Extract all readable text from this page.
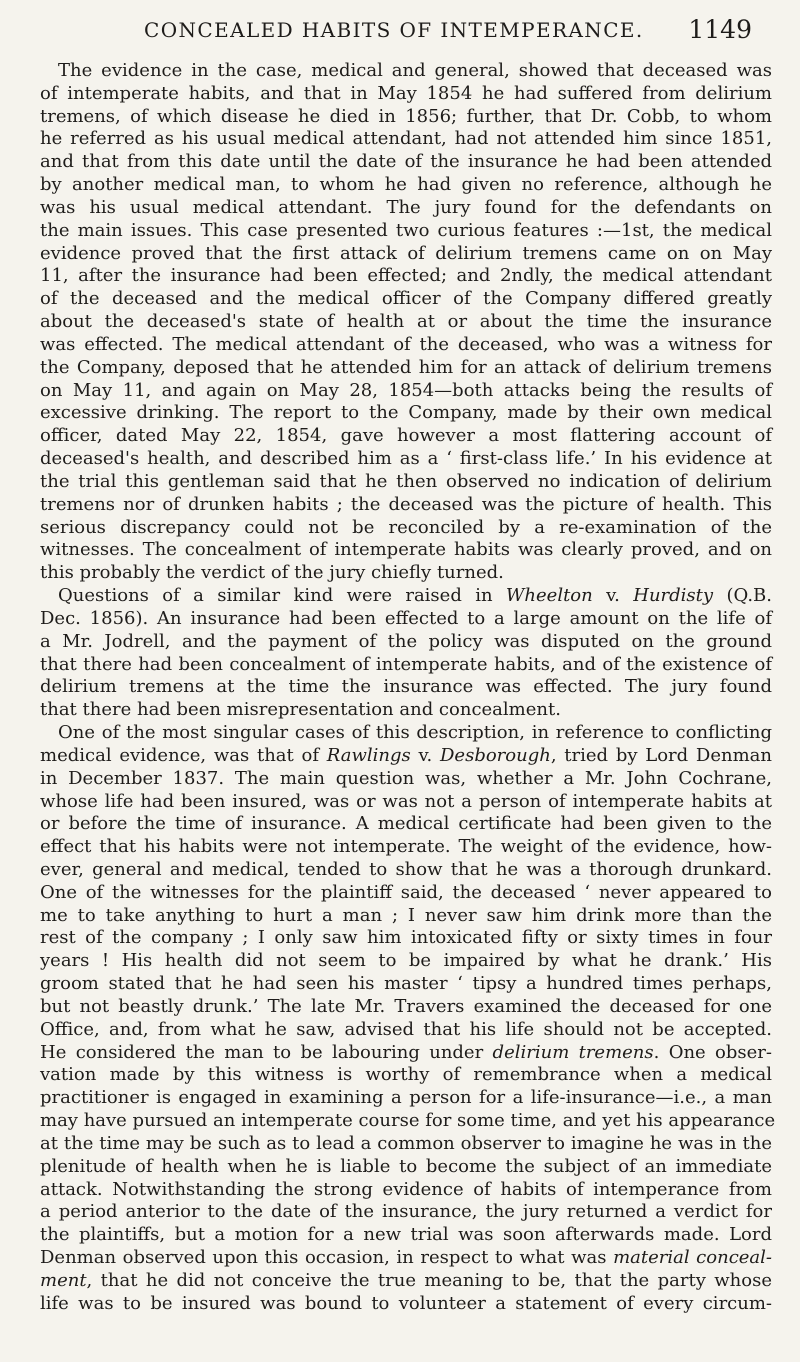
CONCEALED HABITS OF INTEMPERANCE. 1149
 The evidence in the case, medical and general, showed that deceased was
of intemperate habits, and that in May 1854 he had suffered from delirium
tremens, of which disease he died in 1856; further, that Dr. Cobb, to whom
he referred as his usual medical attendant, had not attended him since 1851,
and that from this date until the date of the insurance he had been attended
by another medical man, to whom he had given no reference, although he
was his usual medical attendant. The jury found for the defendants on
the main issues. This case presented two curious features :—1st, the medical
evidence proved that the first attack of delirium tremens came on on May
11, after the insurance had been effected; and 2ndly, the medical attendant
of the deceased and the medical officer of the Company differed greatly
about the deceased's state of health at or about the time the insurance
was effected. The medical attendant of the deceased, who was a witness for
the Company, deposed that he attended him for an attack of delirium tremens
on May 11, and again on May 28, 1854—both attacks being the results of
excessive drinking. The report to the Company, made by their own medical
officer, dated May 22, 1854, gave however a most flattering account of
deceased's health, and described him as a ‘ first-class life.’ In his evidence at
the trial this gentleman said that he then observed no indication of delirium
tremens nor of drunken habits ; the deceased was the picture of health. This
serious discrepancy could not be reconciled by a re-examination of the
witnesses. The concealment of intemperate habits was clearly proved, and on
this probably the verdict of the jury chiefly turned.
 Questions of a similar kind were raised in Wheelton v. Hurdisty (Q.B.
Dec. 1856). An insurance had been effected to a large amount on the life of
a Mr. Jodrell, and the payment of the policy was disputed on the ground
that there had been concealment of intemperate habits, and of the existence of
delirium tremens at the time the insurance was effected. The jury found
that there had been misrepresentation and concealment.
 One of the most singular cases of this description, in reference to conflicting
medical evidence, was that of Rawlings v. Desborough, tried by Lord Denman
in December 1837. The main question was, whether a Mr. John Cochrane,
whose life had been insured, was or was not a person of intemperate habits at
or before the time of insurance. A medical certificate had been given to the
effect that his habits were not intemperate. The weight of the evidence, how-
ever, general and medical, tended to show that he was a thorough drunkard.
One of the witnesses for the plaintiff said, the deceased ‘ never appeared to
me to take anything to hurt a man ; I never saw him drink more than the
rest of the company ; I only saw him intoxicated fifty or sixty times in four
years ! His health did not seem to be impaired by what he drank.’ His
groom stated that he had seen his master ‘ tipsy a hundred times perhaps,
but not beastly drunk.’ The late Mr. Travers examined the deceased for one
Office, and, from what he saw, advised that his life should not be accepted.
He considered the man to be labouring under delirium tremens. One obser-
vation made by this witness is worthy of remembrance when a medical
practitioner is engaged in examining a person for a life-insurance—i.e., a man
may have pursued an intemperate course for some time, and yet his appearance
at the time may be such as to lead a common observer to imagine he was in the
plenitude of health when he is liable to become the subject of an immediate
attack. Notwithstanding the strong evidence of habits of intemperance from
a period anterior to the date of the insurance, the jury returned a verdict for
the plaintiffs, but a motion for a new trial was soon afterwards made. Lord
Denman observed upon this occasion, in respect to what was material conceal-
ment, that he did not conceive the true meaning to be, that the party whose
life was to be insured was bound to volunteer a statement of every circum-
